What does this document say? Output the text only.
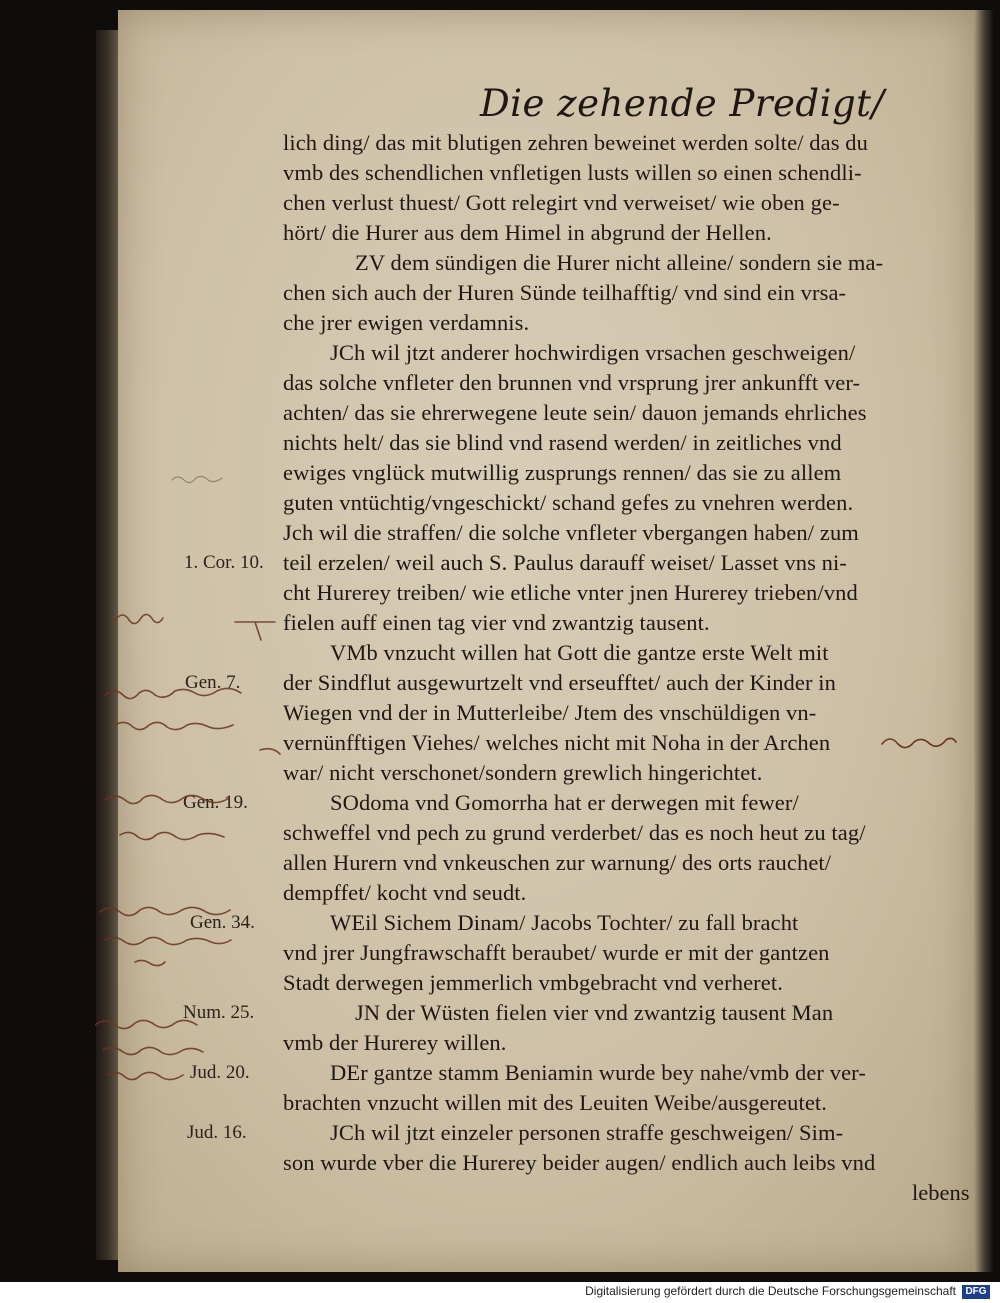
Die zehende Predigt/
lich ding/ das mit blutigen zehren beweinet werden solte/ das du
vmb des schendlichen vnfletigen lusts willen so einen schendli-
chen verlust thuest/ Gott relegirt vnd verweiset/ wie oben ge-
hört/ die Hurer aus dem Himel in abgrund der Hellen.
ZV dem sündigen die Hurer nicht alleine/ sondern sie ma-
chen sich auch der Huren Sünde teilhafftig/ vnd sind ein vrsa-
che jrer ewigen verdamnis.
JCh wil jtzt anderer hochwirdigen vrsachen geschweigen/
das solche vnfleter den brunnen vnd vrsprung jrer ankunfft ver-
achten/ das sie ehrerwegene leute sein/ dauon jemands ehrliches
nichts helt/ das sie blind vnd rasend werden/ in zeitliches vnd
ewiges vnglück mutwillig zusprungs rennen/ das sie zu allem
guten vntüchtig/vngeschickt/ schand gefes zu vnehren werden.
Jch wil die straffen/ die solche vnfleter vbergangen haben/ zum
teil erzelen/ weil auch S. Paulus darauff weiset/ Lasset vns ni-
cht Hurerey treiben/ wie etliche vnter jnen Hurerey trieben/vnd
fielen auff einen tag vier vnd zwantzig tausent.
VMb vnzucht willen hat Gott die gantze erste Welt mit
der Sindflut ausgewurtzelt vnd erseufftet/ auch der Kinder in
Wiegen vnd der in Mutterleibe/ Jtem des vnschüldigen vn-
vernünfftigen Viehes/ welches nicht mit Noha in der Archen
war/ nicht verschonet/sondern grewlich hingerichtet.
SOdoma vnd Gomorrha hat er derwegen mit fewer/
schweffel vnd pech zu grund verderbet/ das es noch heut zu tag/
allen Hurern vnd vnkeuschen zur warnung/ des orts rauchet/
dempffet/ kocht vnd seudt.
WEil Sichem Dinam/ Jacobs Tochter/ zu fall bracht
vnd jrer Jungfrawschafft beraubet/ wurde er mit der gantzen
Stadt derwegen jemmerlich vmbgebracht vnd verheret.
JN der Wüsten fielen vier vnd zwantzig tausent Man
vmb der Hurerey willen.
DEr gantze stamm Beniamin wurde bey nahe/vmb der ver-
brachten vnzucht willen mit des Leuiten Weibe/ausgereutet.
JCh wil jtzt einzeler personen straffe geschweigen/ Sim-
son wurde vber die Hurerey beider augen/ endlich auch leibs vnd
lebens
1. Cor. 10.
Gen. 7.
Gen. 19.
Gen. 34.
Num. 25.
Jud. 20.
Jud. 16.
Digitalisierung gefördert durch die Deutsche Forschungsgemeinschaft DFG
